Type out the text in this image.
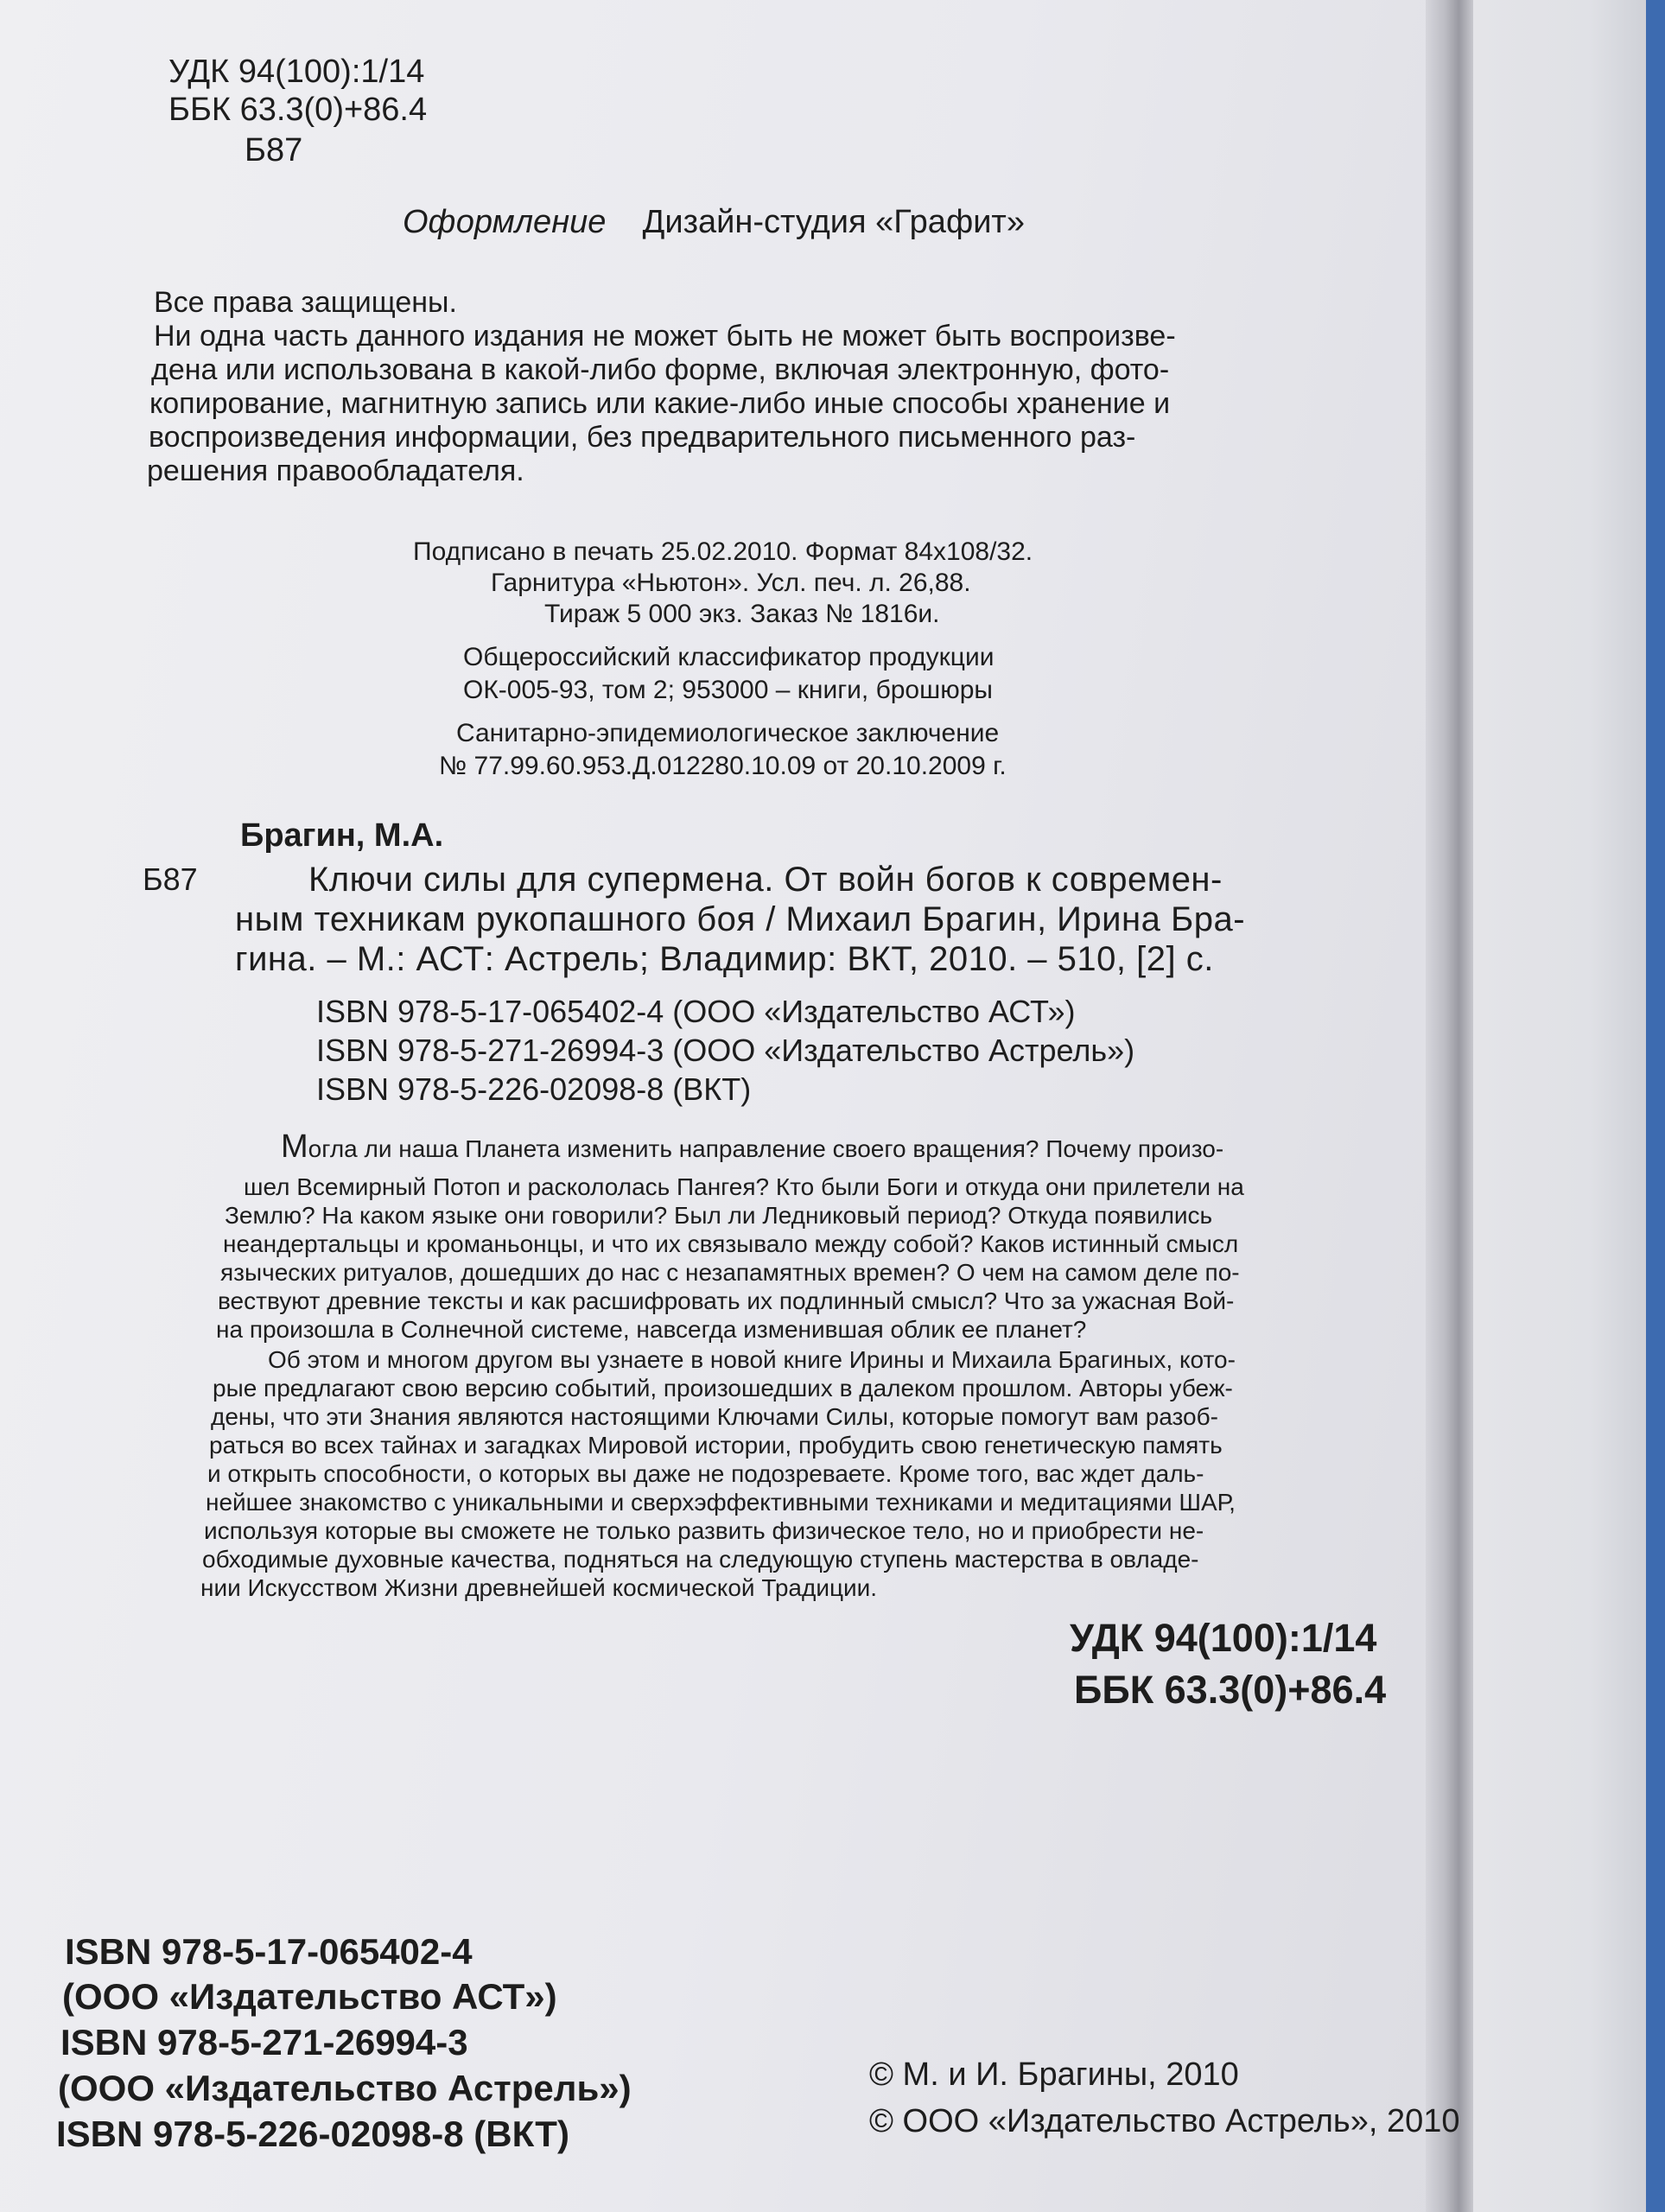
УДК 94(100):1/14
ББК 63.3(0)+86.4
Б87
Оформление Дизайн-студия «Графит»
Все права защищены.
Ни одна часть данного издания не может быть не может быть воспроизве-
дена или использована в какой-либо форме, включая электронную, фото-
копирование, магнитную запись или какие-либо иные способы хранение и
воспроизведения информации, без предварительного письменного раз-
решения правообладателя.
Подписано в печать 25.02.2010. Формат 84х108/32.
Гарнитура «Ньютон». Усл. печ. л. 26,88.
Тираж 5 000 экз. Заказ № 1816и.
Общероссийский классификатор продукции
ОК-005-93, том 2; 953000 – книги, брошюры
Санитарно-эпидемиологическое заключение
№ 77.99.60.953.Д.012280.10.09 от 20.10.2009 г.
Брагин, М.А.
Б87	Ключи силы для супермена. От войн богов к современ-
ным техникам рукопашного боя / Михаил Брагин, Ирина Бра-
гина. – М.: АСТ: Астрель; Владимир: ВКТ, 2010. – 510, [2] с.
ISBN 978-5-17-065402-4 (ООО «Издательство АСТ»)
ISBN 978-5-271-26994-3 (ООО «Издательство Астрель»)
ISBN 978-5-226-02098-8 (ВКТ)
Могла ли наша Планета изменить направление своего вращения? Почему произо-
шел Всемирный Потоп и раскололась Пангея? Кто были Боги и откуда они прилетели на
Землю? На каком языке они говорили? Был ли Ледниковый период? Откуда появились
неандертальцы и кроманьонцы, и что их связывало между собой? Каков истинный смысл
языческих ритуалов, дошедших до нас с незапамятных времен? О чем на самом деле по-
вествуют древние тексты и как расшифровать их подлинный смысл? Что за ужасная Вой-
на произошла в Солнечной системе, навсегда изменившая облик ее планет?
Об этом и многом другом вы узнаете в новой книге Ирины и Михаила Брагиных, кото-
рые предлагают свою версию событий, произошедших в далеком прошлом. Авторы убеж-
дены, что эти Знания являются настоящими Ключами Силы, которые помогут вам разоб-
раться во всех тайнах и загадках Мировой истории, пробудить свою генетическую память
и открыть способности, о которых вы даже не подозреваете. Кроме того, вас ждет даль-
нейшее знакомство с уникальными и сверхэффективными техниками и медитациями ШАР,
используя которые вы сможете не только развить физическое тело, но и приобрести не-
обходимые духовные качества, подняться на следующую ступень мастерства в овладе-
нии Искусством Жизни древнейшей космической Традиции.
УДК 94(100):1/14
ББК 63.3(0)+86.4
ISBN 978-5-17-065402-4
(ООО «Издательство АСТ»)
ISBN 978-5-271-26994-3
(ООО «Издательство Астрель»)
ISBN 978-5-226-02098-8 (ВКТ)
© М. и И. Брагины, 2010
© ООО «Издательство Астрель», 2010
